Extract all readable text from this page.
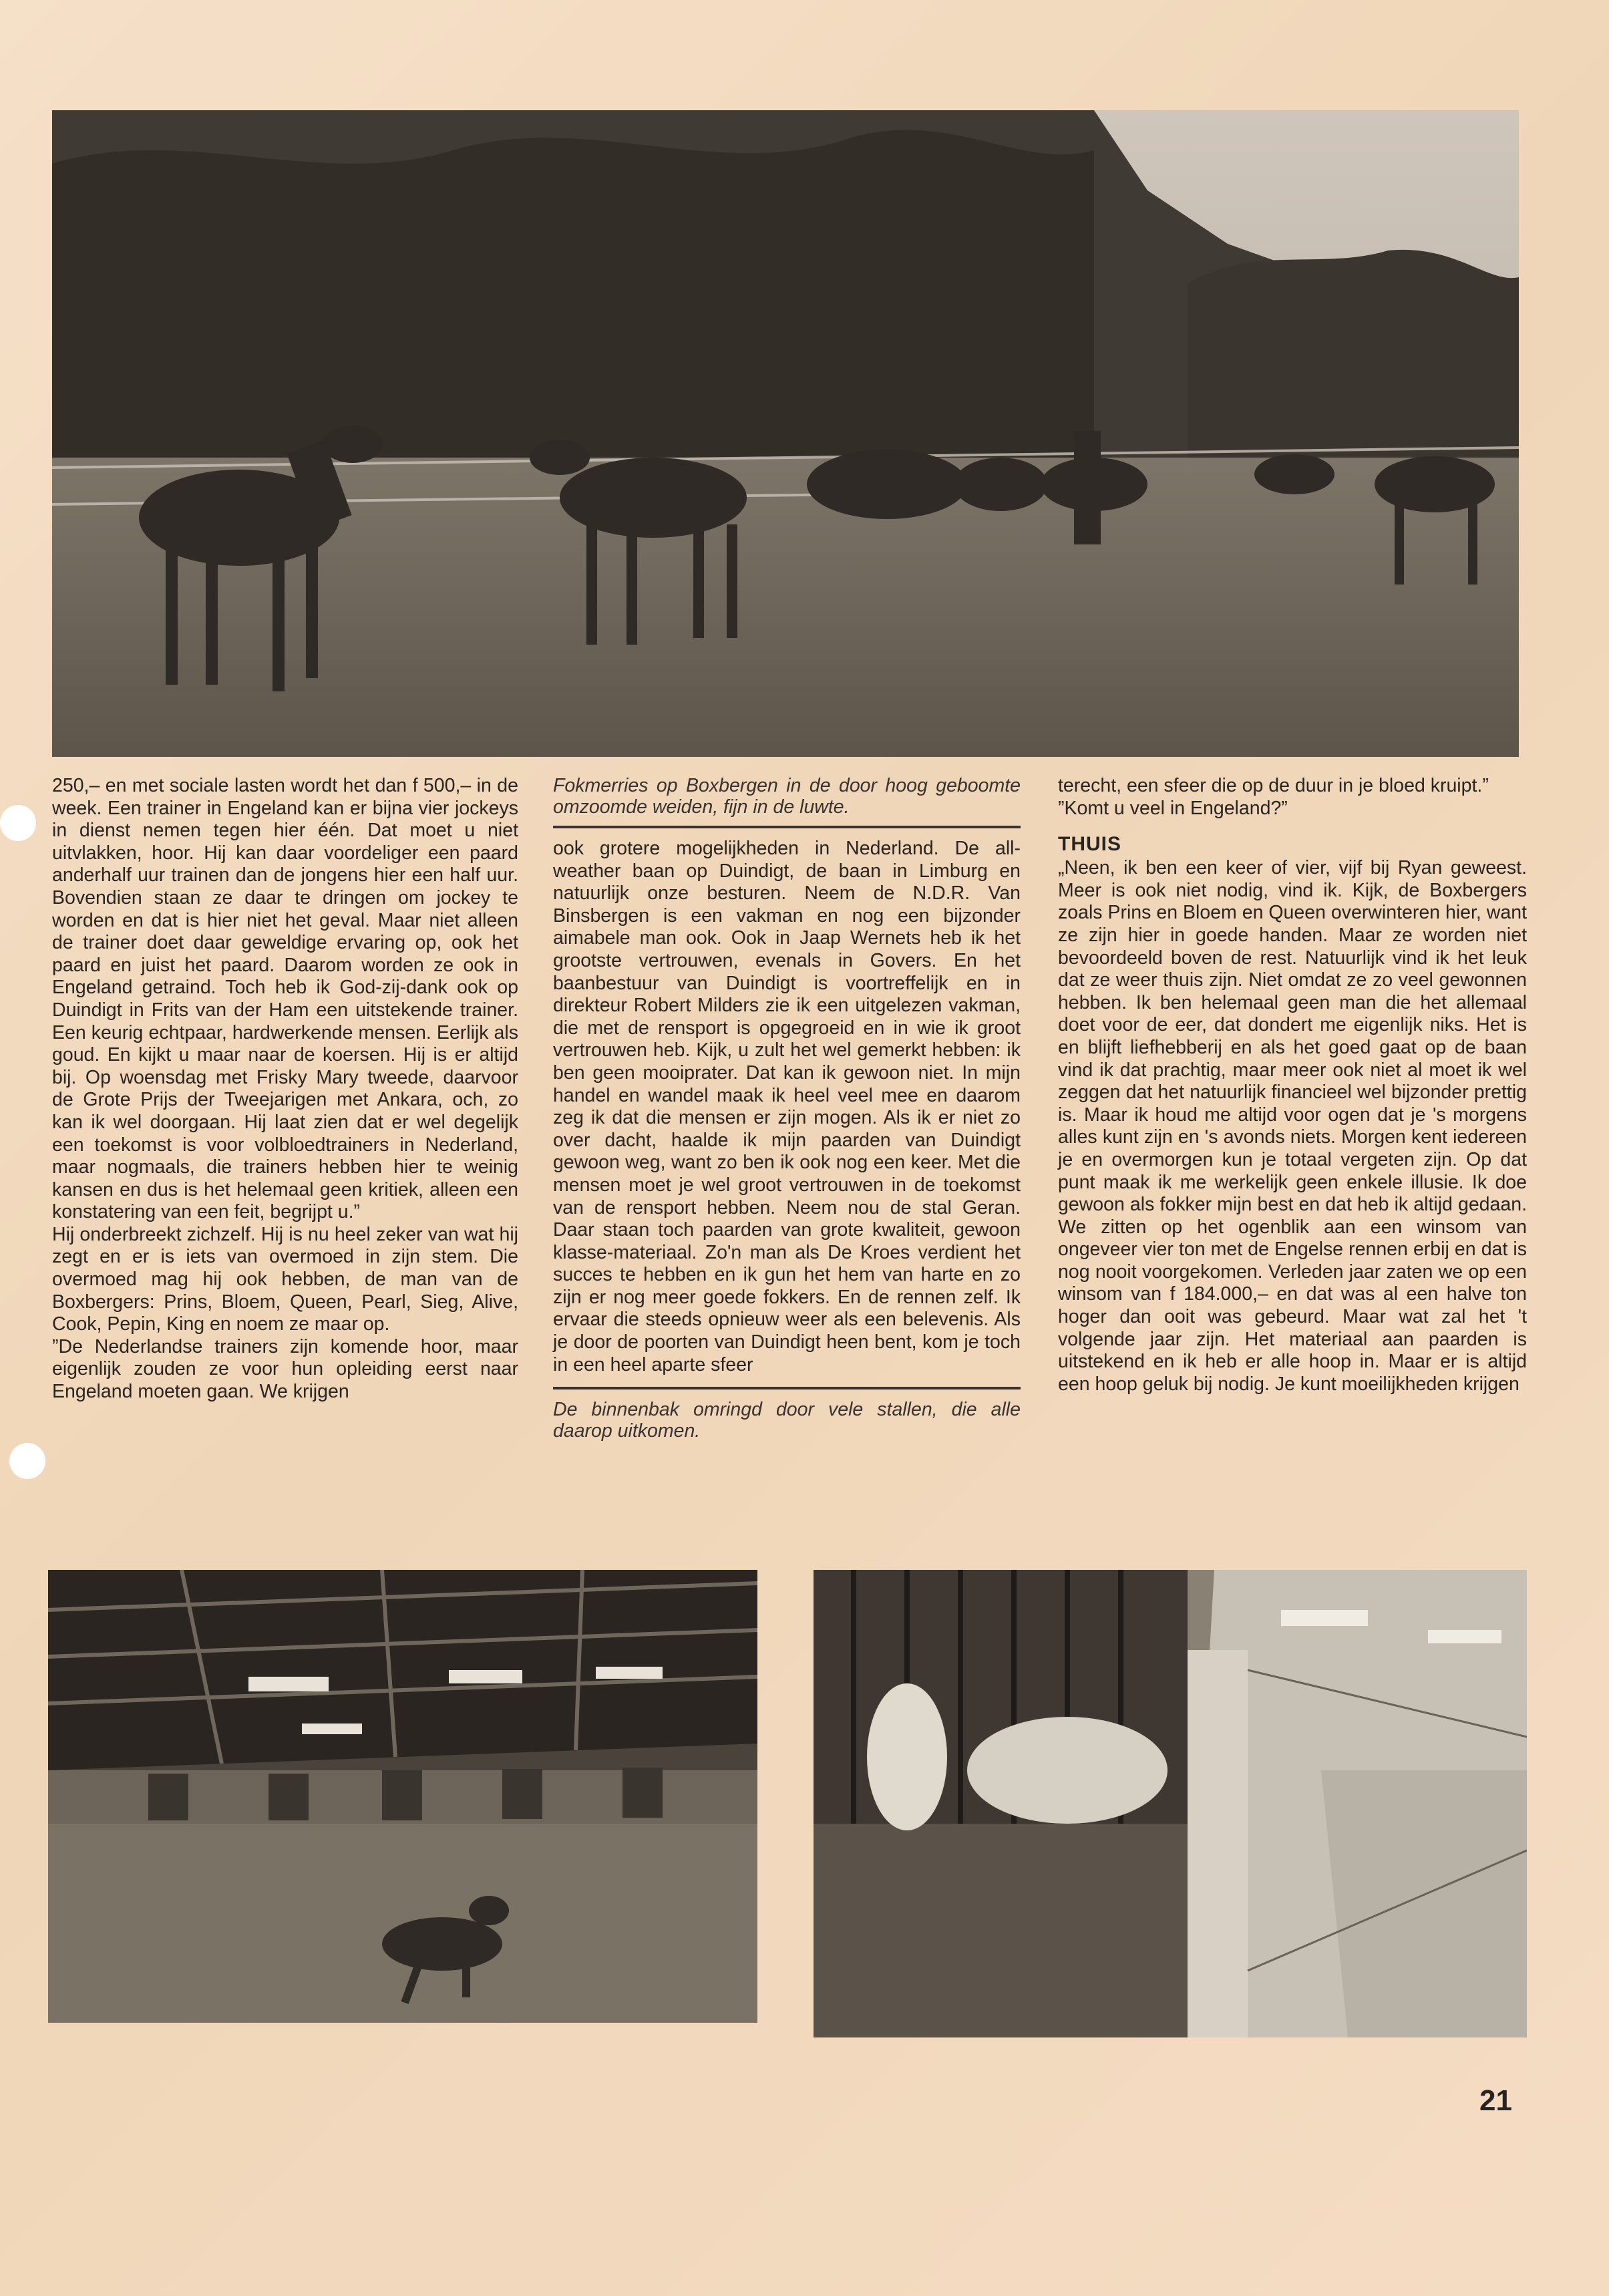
250,– en met sociale lasten wordt het dan f 500,– in de week. Een trainer in Engeland kan er bijna vier jockeys in dienst nemen tegen hier één. Dat moet u niet uitvlakken, hoor. Hij kan daar voordeliger een paard anderhalf uur trainen dan de jongens hier een half uur. Bovendien staan ze daar te dringen om jockey te worden en dat is hier niet het geval. Maar niet alleen de trainer doet daar geweldige ervaring op, ook het paard en juist het paard. Daarom worden ze ook in Engeland getraind. Toch heb ik God-zij-dank ook op Duindigt in Frits van der Ham een uitstekende trainer. Een keurig echtpaar, hardwerkende mensen. Eerlijk als goud. En kijkt u maar naar de koersen. Hij is er altijd bij. Op woensdag met Frisky Mary tweede, daarvoor de Grote Prijs der Tweejarigen met Ankara, och, zo kan ik wel doorgaan. Hij laat zien dat er wel degelijk een toekomst is voor volbloedtrainers in Nederland, maar nogmaals, die trainers hebben hier te weinig kansen en dus is het helemaal geen kritiek, alleen een konstatering van een feit, begrijpt u.”

Hij onderbreekt zichzelf. Hij is nu heel zeker van wat hij zegt en er is iets van overmoed in zijn stem. Die overmoed mag hij ook hebben, de man van de Boxbergers: Prins, Bloem, Queen, Pearl, Sieg, Alive, Cook, Pepin, King en noem ze maar op.

”De Nederlandse trainers zijn komende hoor, maar eigenlijk zouden ze voor hun opleiding eerst naar Engeland moeten gaan. We krijgen

Fokmerries op Boxbergen in de door hoog geboomte omzoomde weiden, fijn in de luwte.

ook grotere mogelijkheden in Nederland. De all-weather baan op Duindigt, de baan in Limburg en natuurlijk onze besturen. Neem de N.D.R. Van Binsbergen is een vakman en nog een bijzonder aimabele man ook. Ook in Jaap Wernets heb ik het grootste vertrouwen, evenals in Govers. En het baanbestuur van Duindigt is voortreffelijk en in direkteur Robert Milders zie ik een uitgelezen vakman, die met de rensport is opgegroeid en in wie ik groot vertrouwen heb. Kijk, u zult het wel gemerkt hebben: ik ben geen mooiprater. Dat kan ik gewoon niet. In mijn handel en wandel maak ik heel veel mee en daarom zeg ik dat die mensen er zijn mogen. Als ik er niet zo over dacht, haalde ik mijn paarden van Duindigt gewoon weg, want zo ben ik ook nog een keer. Met die mensen moet je wel groot vertrouwen in de toekomst van de rensport hebben. Neem nou de stal Geran. Daar staan toch paarden van grote kwaliteit, gewoon klasse-materiaal. Zo'n man als De Kroes verdient het succes te hebben en ik gun het hem van harte en zo zijn er nog meer goede fokkers. En de rennen zelf. Ik ervaar die steeds opnieuw weer als een belevenis. Als je door de poorten van Duindigt heen bent, kom je toch in een heel aparte sfeer

De binnenbak omringd door vele stallen, die alle daarop uitkomen.

terecht, een sfeer die op de duur in je bloed kruipt.”

”Komt u veel in Engeland?”

THUIS

„Neen, ik ben een keer of vier, vijf bij Ryan geweest. Meer is ook niet nodig, vind ik. Kijk, de Boxbergers zoals Prins en Bloem en Queen overwinteren hier, want ze zijn hier in goede handen. Maar ze worden niet bevoordeeld boven de rest. Natuurlijk vind ik het leuk dat ze weer thuis zijn. Niet omdat ze zo veel gewonnen hebben. Ik ben helemaal geen man die het allemaal doet voor de eer, dat dondert me eigenlijk niks. Het is en blijft liefhebberij en als het goed gaat op de baan vind ik dat prachtig, maar meer ook niet al moet ik wel zeggen dat het natuurlijk financieel wel bijzonder prettig is. Maar ik houd me altijd voor ogen dat je 's morgens alles kunt zijn en 's avonds niets. Morgen kent iedereen je en overmorgen kun je totaal vergeten zijn. Op dat punt maak ik me werkelijk geen enkele illusie. Ik doe gewoon als fokker mijn best en dat heb ik altijd gedaan. We zitten op het ogenblik aan een winsom van ongeveer vier ton met de Engelse rennen erbij en dat is nog nooit voorgekomen. Verleden jaar zaten we op een winsom van f 184.000,– en dat was al een halve ton hoger dan ooit was gebeurd. Maar wat zal het 't volgende jaar zijn. Het materiaal aan paarden is uitstekend en ik heb er alle hoop in. Maar er is altijd een hoop geluk bij nodig. Je kunt moeilijkheden krijgen

21
